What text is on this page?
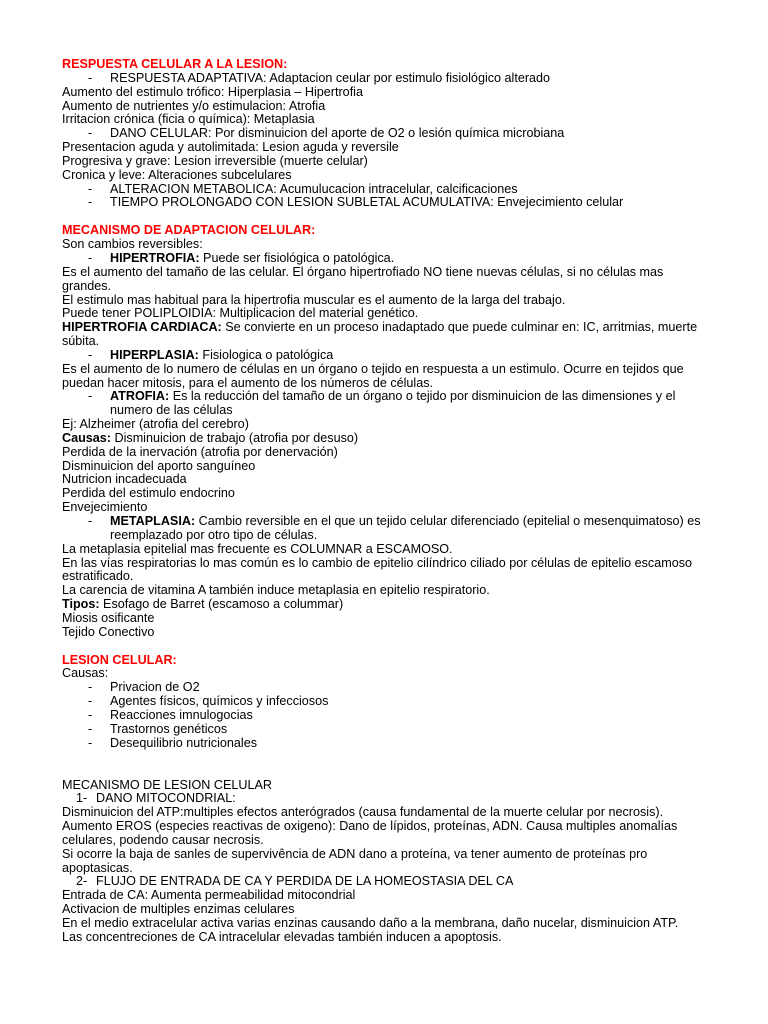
RESPUESTA CELULAR A LA LESION:
- RESPUESTA ADAPTATIVA: Adaptacion ceular por estimulo fisiológico alterado
Aumento del estimulo trófico: Hiperplasia – Hipertrofia
Aumento de nutrientes y/o estimulacion: Atrofia
Irritacion crónica (ficia o química): Metaplasia
- DANO CELULAR: Por disminuicion del aporte de O2 o lesión química microbiana
Presentacion aguda y autolimitada: Lesion aguda y reversile
Progresiva y grave: Lesion irreversible (muerte celular)
Cronica y leve: Alteraciones subcelulares
- ALTERACION METABOLICA: Acumulucacion intracelular, calcificaciones
- TIEMPO PROLONGADO CON LESION SUBLETAL ACUMULATIVA: Envejecimiento celular
MECANISMO DE ADAPTACION CELULAR:
Son cambios reversibles:
- HIPERTROFIA: Puede ser fisiológica o patológica.
Es el aumento del tamaño de las celular. El órgano hipertrofiado NO tiene nuevas células, si no células mas grandes.
El estimulo mas habitual para la hipertrofia muscular es el aumento de la larga del trabajo.
Puede tener POLIPLOIDIA: Multiplicacion del material genético.
HIPERTROFIA CARDIACA: Se convierte en un proceso inadaptado que puede culminar en: IC, arritmias, muerte súbita.
- HIPERPLASIA: Fisiologica o patológica
Es el aumento de lo numero de células en un órgano o tejido en respuesta a un estimulo. Ocurre en tejidos que puedan hacer mitosis, para el aumento de los números de células.
- ATROFIA: Es la reducción del tamaño de un órgano o tejido por disminuicion de las dimensiones y el numero de las células
Ej: Alzheimer (atrofia del cerebro)
Causas: Disminuicion de trabajo (atrofia por desuso)
Perdida de la inervación (atrofia por denervación)
Disminuicion del aporto sanguíneo
Nutricion incadecuada
Perdida del estimulo endocrino
Envejecimiento
- METAPLASIA: Cambio reversible en el que un tejido celular diferenciado (epitelial o mesenquimatoso) es reemplazado por otro tipo de células.
La metaplasia epitelial mas frecuente es COLUMNAR a ESCAMOSO.
En las vías respiratorias lo mas común es lo cambio de epitelio cilíndrico ciliado por células de epitelio escamoso estratificado.
La carencia de vitamina A también induce metaplasia en epitelio respiratorio.
Tipos: Esofago de Barret (escamoso a colummar)
Miosis osificante
Tejido Conectivo
LESION CELULAR:
Causas:
- Privacion de O2
- Agentes físicos, químicos y infecciosos
- Reacciones imnulogocias
- Trastornos genéticos
- Desequilibrio nutricionales
MECANISMO DE LESION CELULAR
1- DANO MITOCONDRIAL:
Disminuicion del ATP:multiples efectos anterógrados (causa fundamental de la muerte celular por necrosis).
Aumento EROS (especies reactivas de oxigeno): Dano de lípidos, proteínas, ADN. Causa multiples anomalías celulares, podendo causar necrosis.
Si ocorre la baja de sanles de supervivência de ADN dano a proteína, va tener aumento de proteínas pro apoptasicas.
2- FLUJO DE ENTRADA DE CA Y PERDIDA DE LA HOMEOSTASIA DEL CA
Entrada de CA: Aumenta permeabilidad mitocondrial
Activacion de multiples enzimas celulares
En el medio extracelular activa varias enzinas causando daño a la membrana, daño nucelar, disminuicion ATP.
Las concentreciones de CA intracelular elevadas también inducen a apoptosis.
